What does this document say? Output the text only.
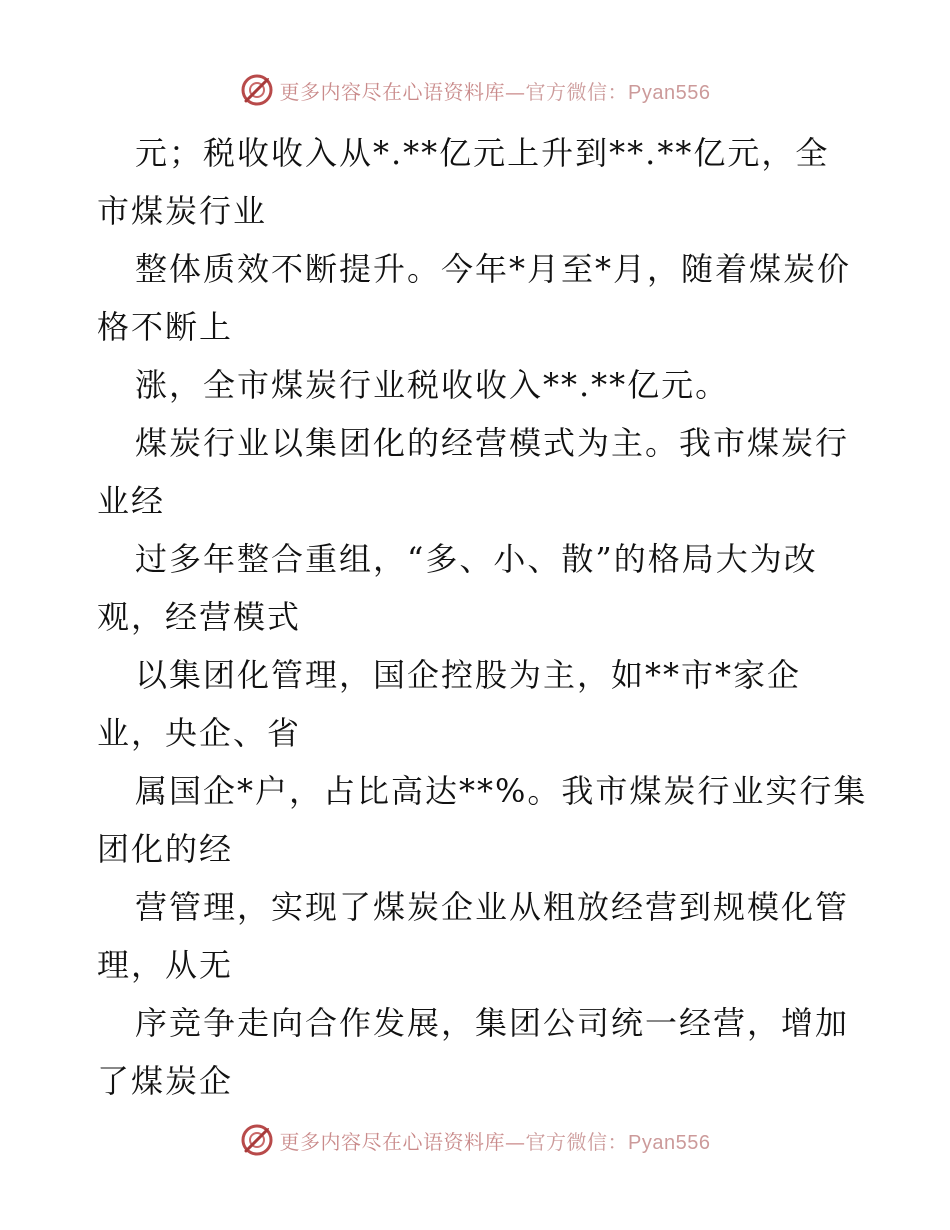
更多内容尽在心语资料库—官方微信：Pyan556
元；税收收入从*.**亿元上升到**.**亿元，全
市煤炭行业
整体质效不断提升。今年*月至*月，随着煤炭价
格不断上
涨，全市煤炭行业税收收入**.**亿元。
煤炭行业以集团化的经营模式为主。我市煤炭行
业经
过多年整合重组，“多、小、散”的格局大为改
观，经营模式
以集团化管理，国企控股为主，如**市*家企
业，央企、省
属国企*户，占比高达**%。我市煤炭行业实行集
团化的经
营管理，实现了煤炭企业从粗放经营到规模化管
理，从无
序竞争走向合作发展，集团公司统一经营，增加
了煤炭企
更多内容尽在心语资料库—官方微信：Pyan556
